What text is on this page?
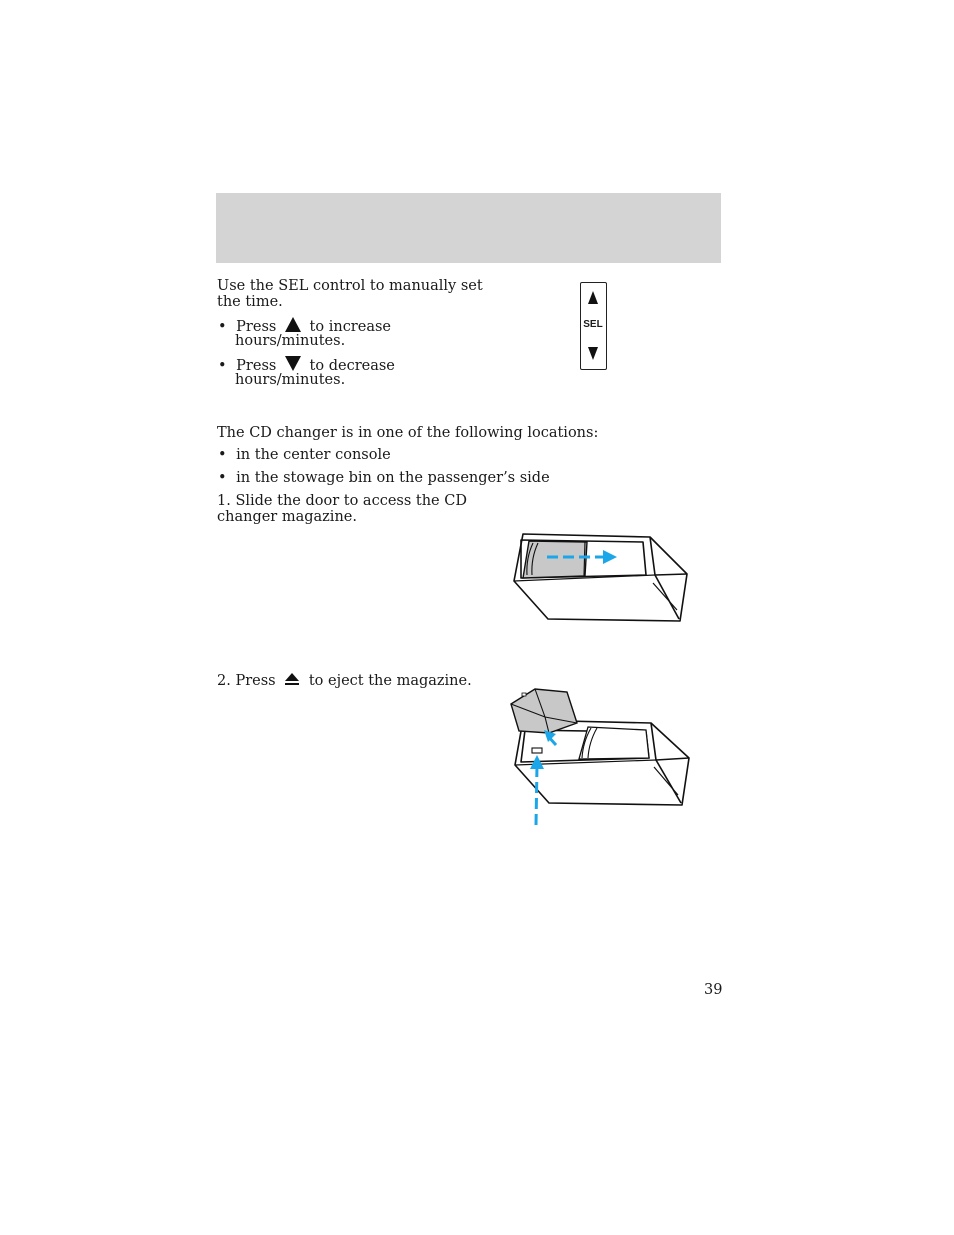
Use the SEL control to manually set
the time.
• Press to increase
hours/minutes.
• Press to decrease
hours/minutes.
SEL
The CD changer is in one of the following locations:
• in the center console
• in the stowage bin on the passenger’s side
1. Slide the door to access the CD
changer magazine.
2. Press to eject the magazine.
39
